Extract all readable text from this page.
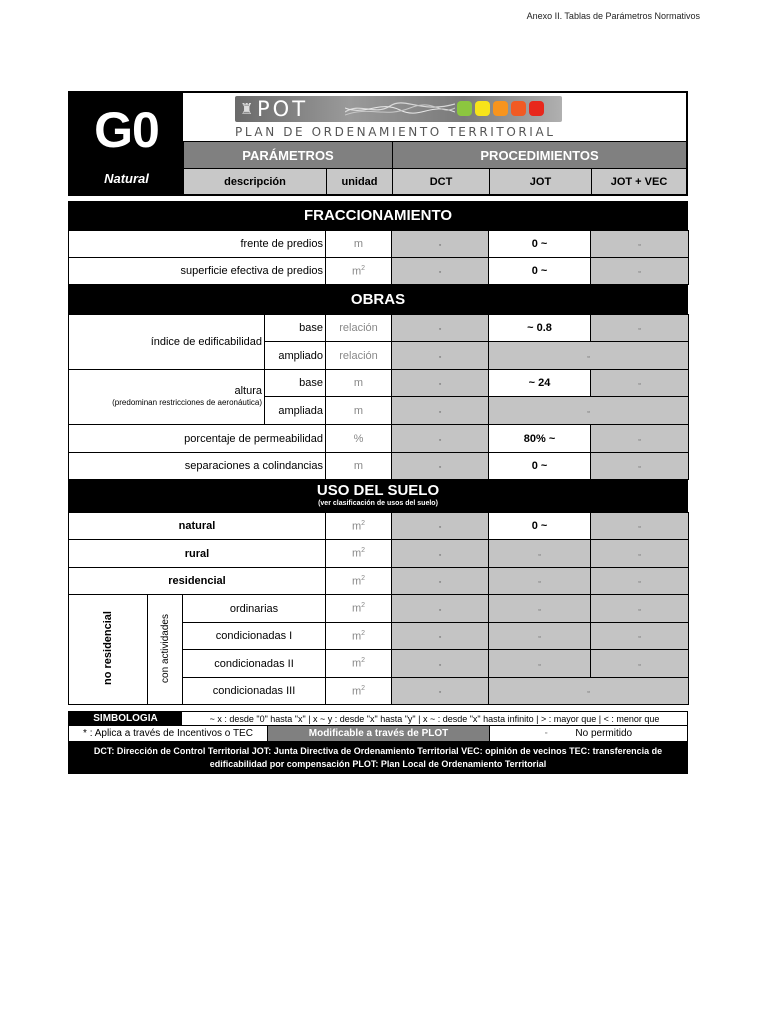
Anexo II. Tablas de Parámetros Normativos
G0
Natural
♜ POT
PLAN DE ORDENAMIENTO TERRITORIAL
PARÁMETROS	PROCEDIMIENTOS
descripción	unidad	DCT	JOT	JOT + VEC
FRACCIONAMIENTO
frente de predios	m	▫	0 ~	▫
superficie efectiva de predios	$m^2$	▫	0 ~	▫
OBRAS
índice de edificabilidad	base	relación	▫	~ 0.8	▫
	ampliado	relación	▫	▫	

altura
(predominan restricciones de aeronáutica)	base	m	▫	~ 24	▫
	ampliada	m	▫	▫	
porcentaje de permeabilidad		%	▫	80% ~	▫
separaciones a colindancias		m	▫	0 ~	▫
USO DEL SUELO
(ver clasificación de usos del suelo)
natural			$m^2$	▫	0 ~	▫
rural			$m^2$	▫	▫	▫
residencial			$m^2$	▫	▫	▫
no residencial	con actividades	ordinarias	$m^2$	▫	▫	▫
		condicionadas I	$m^2$	▫	▫	▫
		condicionadas II	$m^2$	▫	▫	▫
		condicionadas III	$m^2$	▫	▫	
SIMBOLOGIA	~ x : desde "0" hasta "x" | x ~ y : desde "x" hasta "y" | x ~ : desde "x" hasta infinito | > : mayor que | < : menor que
* : Aplica a través de Incentivos o TEC	Modificable a través de PLOT	▫	No permitido
DCT: Dirección de Control Territorial JOT: Junta Directiva de Ordenamiento Territorial VEC: opinión de vecinos TEC: transferencia de edificabilidad por compensación PLOT: Plan Local de Ordenamiento Territorial
